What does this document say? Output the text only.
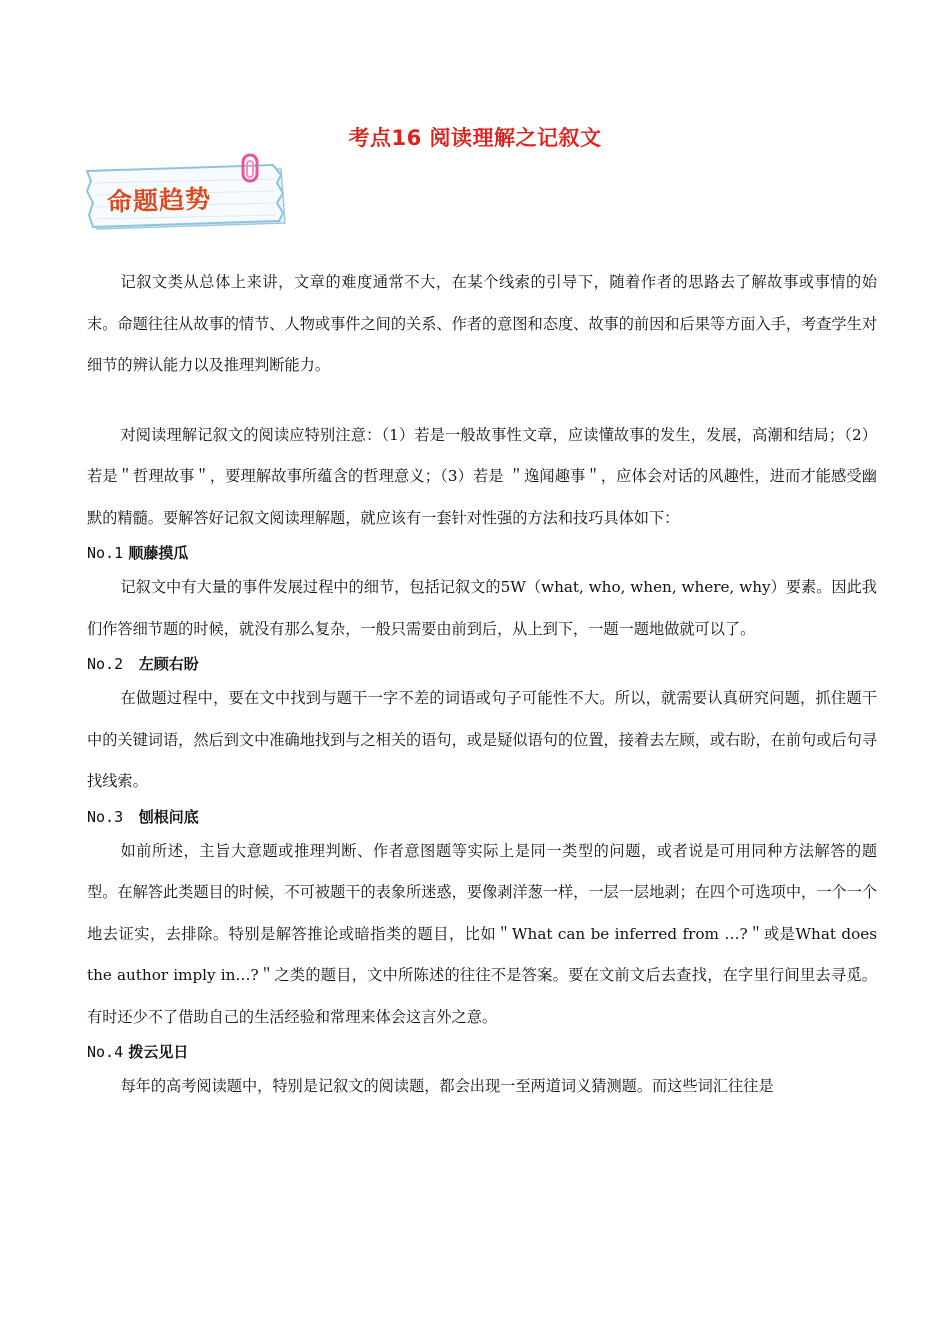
考点16 阅读理解之记叙文
命题趋势

记叙文类从总体上来讲，文章的难度通常不大，在某个线索的引导下，随着作者的思路去了解故事或事情的始末。命题往往从故事的情节、人物或事件之间的关系、作者的意图和态度、故事的前因和后果等方面入手，考查学生对细节的辨认能力以及推理判断能力。

对阅读理解记叙文的阅读应特别注意：（1）若是一般故事性文章，应读懂故事的发生，发展，高潮和结局；（2）若是＂哲理故事＂，要理解故事所蕴含的哲理意义；（3）若是 ＂逸闻趣事＂，应体会对话的风趣性，进而才能感受幽默的精髓。要解答好记叙文阅读理解题，就应该有一套针对性强的方法和技巧具体如下：

No.1 顺藤摸瓜

记叙文中有大量的事件发展过程中的细节，包括记叙文的5W（what, who, when, where, why）要素。因此我们作答细节题的时候，就没有那么复杂，一般只需要由前到后，从上到下，一题一题地做就可以了。

No.2 左顾右盼

在做题过程中，要在文中找到与题干一字不差的词语或句子可能性不大。所以，就需要认真研究问题，抓住题干中的关键词语，然后到文中准确地找到与之相关的语句，或是疑似语句的位置，接着去左顾，或右盼，在前句或后句寻找线索。

No.3 刨根问底

如前所述，主旨大意题或推理判断、作者意图题等实际上是同一类型的问题，或者说是可用同种方法解答的题型。在解答此类题目的时候，不可被题干的表象所迷惑，要像剥洋葱一样，一层一层地剥；在四个可选项中，一个一个地去证实，去排除。特别是解答推论或暗指类的题目，比如＂What can be inferred from …?＂或是What does the author imply in…?＂之类的题目，文中所陈述的往往不是答案。要在文前文后去查找，在字里行间里去寻觅。有时还少不了借助自己的生活经验和常理来体会这言外之意。

No.4 拨云见日

每年的高考阅读题中，特别是记叙文的阅读题，都会出现一至两道词义猜测题。而这些词汇往往是
